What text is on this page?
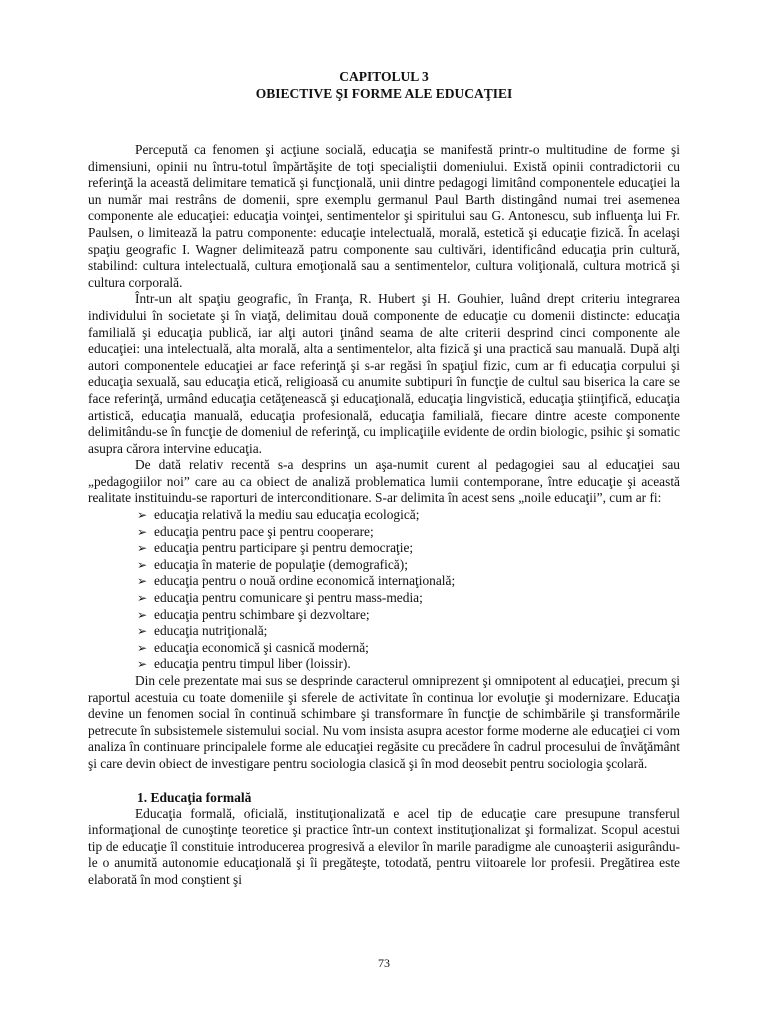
CAPITOLUL 3
OBIECTIVE ŞI FORME ALE EDUCAŢIEI

Percepută ca fenomen şi acţiune socială, educaţia se manifestă printr-o multitudine de forme şi dimensiuni, opinii nu întru-totul împărtăşite de toţi specialiştii domeniului. Există opinii contradictorii cu referinţă la această delimitare tematică şi funcţională, unii dintre pedagogi limitând componentele educaţiei la un număr mai restrâns de domenii, spre exemplu germanul Paul Barth distingând numai trei asemenea componente ale educaţiei: educaţia voinţei, sentimentelor şi spiritului sau G. Antonescu, sub influenţa lui Fr. Paulsen, o limitează la patru componente: educaţie intelectuală, morală, estetică şi educaţie fizică. În acelaşi spaţiu geografic I. Wagner delimitează patru componente sau cultivări, identificând educaţia prin cultură, stabilind: cultura intelectuală, cultura emoţională sau a sentimentelor, cultura voliţională, cultura motrică şi cultura corporală.

Într-un alt spaţiu geografic, în Franţa, R. Hubert şi H. Gouhier, luând drept criteriu integrarea individului în societate şi în viaţă, delimitau două componente de educaţie cu domenii distincte: educaţia familială şi educaţia publică, iar alţi autori ţinând seama de alte criterii desprind cinci componente ale educaţiei: una intelectuală, alta morală, alta a sentimentelor, alta fizică şi una practică sau manuală. După alţi autori componentele educaţiei ar face referinţă şi s-ar regăsi în spaţiul fizic, cum ar fi educaţia corpului şi educaţia sexuală, sau educaţia etică, religioasă cu anumite subtipuri în funcţie de cultul sau biserica la care se face referinţă, urmând educaţia cetăţenească şi educaţională, educaţia lingvistică, educaţia ştiinţifică, educaţia artistică, educaţia manuală, educaţia profesională, educaţia familială, fiecare dintre aceste componente delimitându-se în funcţie de domeniul de referinţă, cu implicaţiile evidente de ordin biologic, psihic şi somatic asupra cărora intervine educaţia.

De dată relativ recentă s-a desprins un aşa-numit curent al pedagogiei sau al educaţiei sau „pedagogiilor noi” care au ca obiect de analiză problematica lumii contemporane, între educaţie şi această realitate instituindu-se raporturi de interconditionare. S-ar delimita în acest sens „noile educaţii”, cum ar fi:

➢ educaţia relativă la mediu sau educaţia ecologică;
➢ educaţia pentru pace şi pentru cooperare;
➢ educaţia pentru participare şi pentru democraţie;
➢ educaţia în materie de populaţie (demografică);
➢ educaţia pentru o nouă ordine economică internaţională;
➢ educaţia pentru comunicare şi pentru mass-media;
➢ educaţia pentru schimbare şi dezvoltare;
➢ educaţia nutriţională;
➢ educaţia economică şi casnică modernă;
➢ educaţia pentru timpul liber (loissir).

Din cele prezentate mai sus se desprinde caracterul omniprezent şi omnipotent al educaţiei, precum şi raportul acestuia cu toate domeniile şi sferele de activitate în continua lor evoluţie şi modernizare. Educaţia devine un fenomen social în continuă schimbare şi transformare în funcţie de schimbările şi transformările petrecute în subsistemele sistemului social. Nu vom insista asupra acestor forme moderne ale educaţiei ci vom analiza în continuare principalele forme ale educaţiei regăsite cu precădere în cadrul procesului de învăţământ şi care devin obiect de investigare pentru sociologia clasică şi în mod deosebit pentru sociologia şcolară.

1. Educaţia formală

Educaţia formală, oficială, instituţionalizată e acel tip de educaţie care presupune transferul informaţional de cunoştinţe teoretice şi practice într-un context instituţionalizat şi formalizat. Scopul acestui tip de educaţie îl constituie introducerea progresivă a elevilor în marile paradigme ale cunoaşterii asigurându-le o anumită autonomie educaţională şi îi pregăteşte, totodată, pentru viitoarele lor profesii. Pregătirea este elaborată în mod conştient şi

73
